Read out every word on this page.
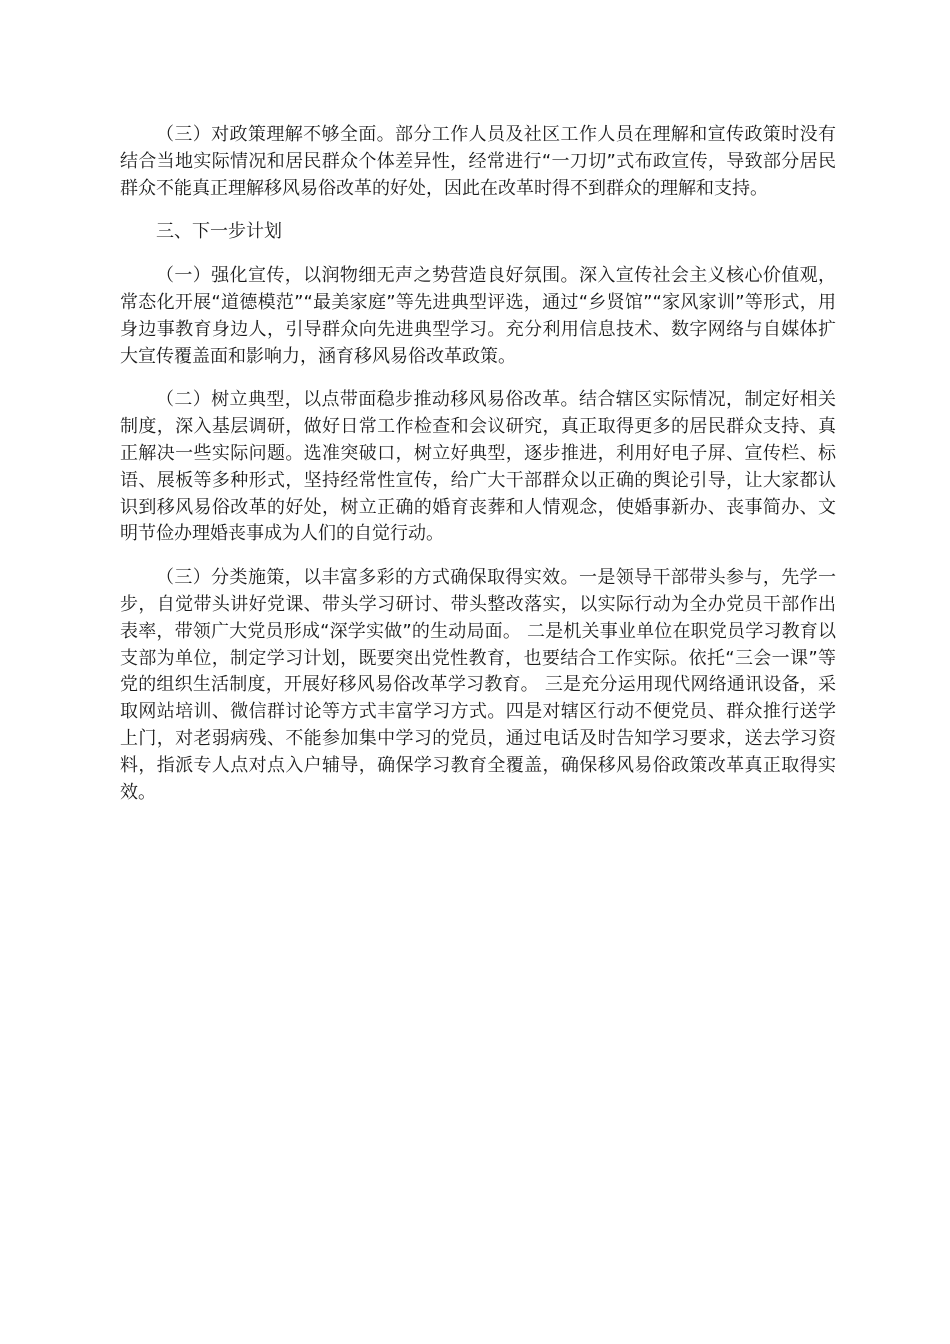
（三）对政策理解不够全面。部分工作人员及社区工作人员在理解和宣传政策时没有结合当地实际情况和居民群众个体差异性，经常进行“一刀切”式布政宣传，导致部分居民群众不能真正理解移风易俗改革的好处，因此在改革时得不到群众的理解和支持。

三、下一步计划

（一）强化宣传，以润物细无声之势营造良好氛围。深入宣传社会主义核心价值观，常态化开展“道德模范”“最美家庭”等先进典型评选，通过“乡贤馆”“家风家训”等形式，用身边事教育身边人，引导群众向先进典型学习。充分利用信息技术、数字网络与自媒体扩大宣传覆盖面和影响力，涵育移风易俗改革政策。

（二）树立典型，以点带面稳步推动移风易俗改革。结合辖区实际情况，制定好相关制度，深入基层调研，做好日常工作检查和会议研究，真正取得更多的居民群众支持、真正解决一些实际问题。选准突破口，树立好典型，逐步推进，利用好电子屏、宣传栏、标语、展板等多种形式，坚持经常性宣传，给广大干部群众以正确的舆论引导，让大家都认识到移风易俗改革的好处，树立正确的婚育丧葬和人情观念，使婚事新办、丧事简办、文明节俭办理婚丧事成为人们的自觉行动。

（三）分类施策，以丰富多彩的方式确保取得实效。一是领导干部带头参与，先学一步，自觉带头讲好党课、带头学习研讨、带头整改落实，以实际行动为全办党员干部作出表率，带领广大党员形成“深学实做”的生动局面。 二是机关事业单位在职党员学习教育以支部为单位，制定学习计划，既要突出党性教育，也要结合工作实际。依托“三会一课”等党的组织生活制度，开展好移风易俗改革学习教育。 三是充分运用现代网络通讯设备，采取网站培训、微信群讨论等方式丰富学习方式。四是对辖区行动不便党员、群众推行送学上门，对老弱病残、不能参加集中学习的党员，通过电话及时告知学习要求，送去学习资料，指派专人点对点入户辅导，确保学习教育全覆盖，确保移风易俗政策改革真正取得实效。
